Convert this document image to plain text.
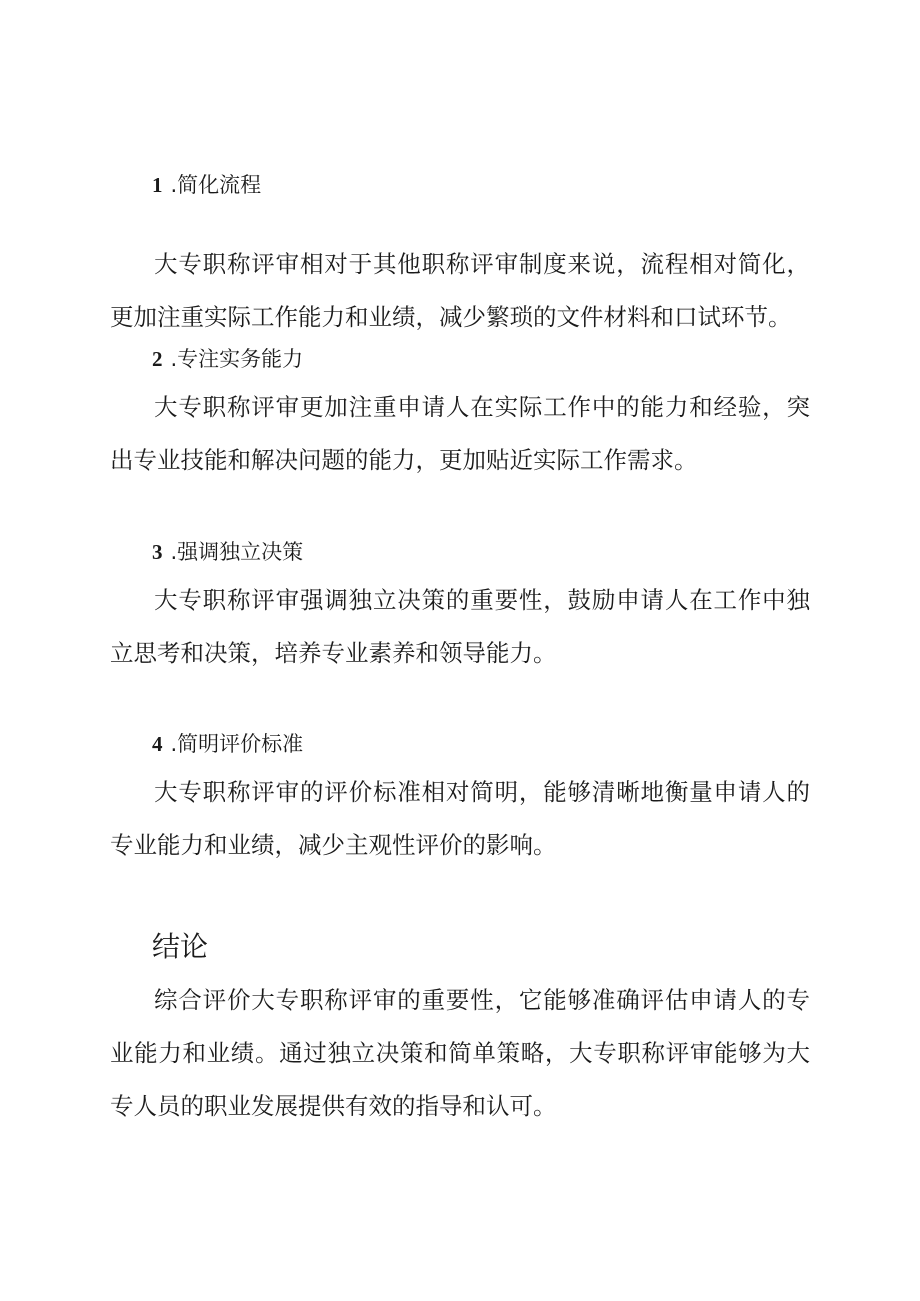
1 .简化流程

大专职称评审相对于其他职称评审制度来说，流程相对简化，更加注重实际工作能力和业绩，减少繁琐的文件材料和口试环节。

2 .专注实务能力

大专职称评审更加注重申请人在实际工作中的能力和经验，突出专业技能和解决问题的能力，更加贴近实际工作需求。

3 .强调独立决策

大专职称评审强调独立决策的重要性，鼓励申请人在工作中独立思考和决策，培养专业素养和领导能力。

4 .简明评价标准

大专职称评审的评价标准相对简明，能够清晰地衡量申请人的专业能力和业绩，减少主观性评价的影响。

结论

综合评价大专职称评审的重要性，它能够准确评估申请人的专业能力和业绩。通过独立决策和简单策略，大专职称评审能够为大专人员的职业发展提供有效的指导和认可。
